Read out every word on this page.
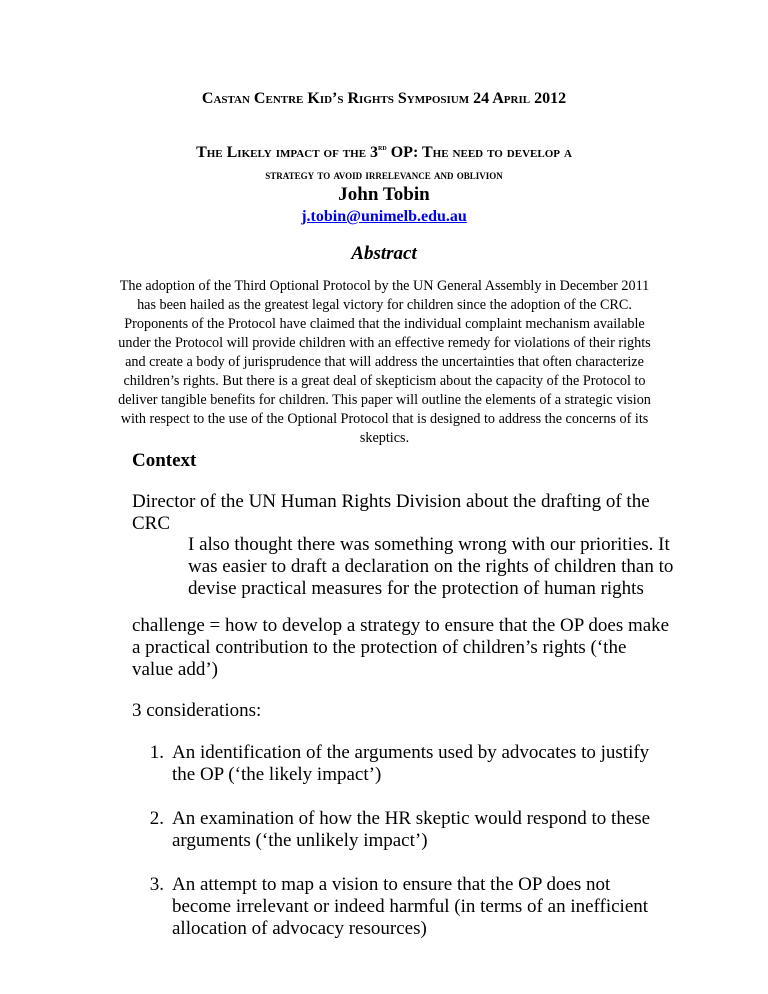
Castan Centre Kid’s Rights Symposium 24 April 2012
The Likely impact of the 3rd OP: The need to develop a
strategy to avoid irrelevance and oblivion
John Tobin
j.tobin@unimelb.edu.au
Abstract
The adoption of the Third Optional Protocol by the UN General Assembly in December 2011 has been hailed as the greatest legal victory for children since the adoption of the CRC. Proponents of the Protocol have claimed that the individual complaint mechanism available under the Protocol will provide children with an effective remedy for violations of their rights and create a body of jurisprudence that will address the uncertainties that often characterize children’s rights. But there is a great deal of skepticism about the capacity of the Protocol to deliver tangible benefits for children. This paper will outline the elements of a strategic vision with respect to the use of the Optional Protocol that is designed to address the concerns of its skeptics.
Context
Director of the UN Human Rights Division about the drafting of the CRC
I also thought there was something wrong with our priorities. It was easier to draft a declaration on the rights of children than to devise practical measures for the protection of human rights
challenge = how to develop a strategy to ensure that the OP does make a practical contribution to the protection of children’s rights (‘the value add’)
3 considerations:
1. An identification of the arguments used by advocates to justify the OP (‘the likely impact’)
2. An examination of how the HR skeptic would respond to these arguments (‘the unlikely impact’)
3. An attempt to map a vision to ensure that the OP does not become irrelevant or indeed harmful (in terms of an inefficient allocation of advocacy resources)
